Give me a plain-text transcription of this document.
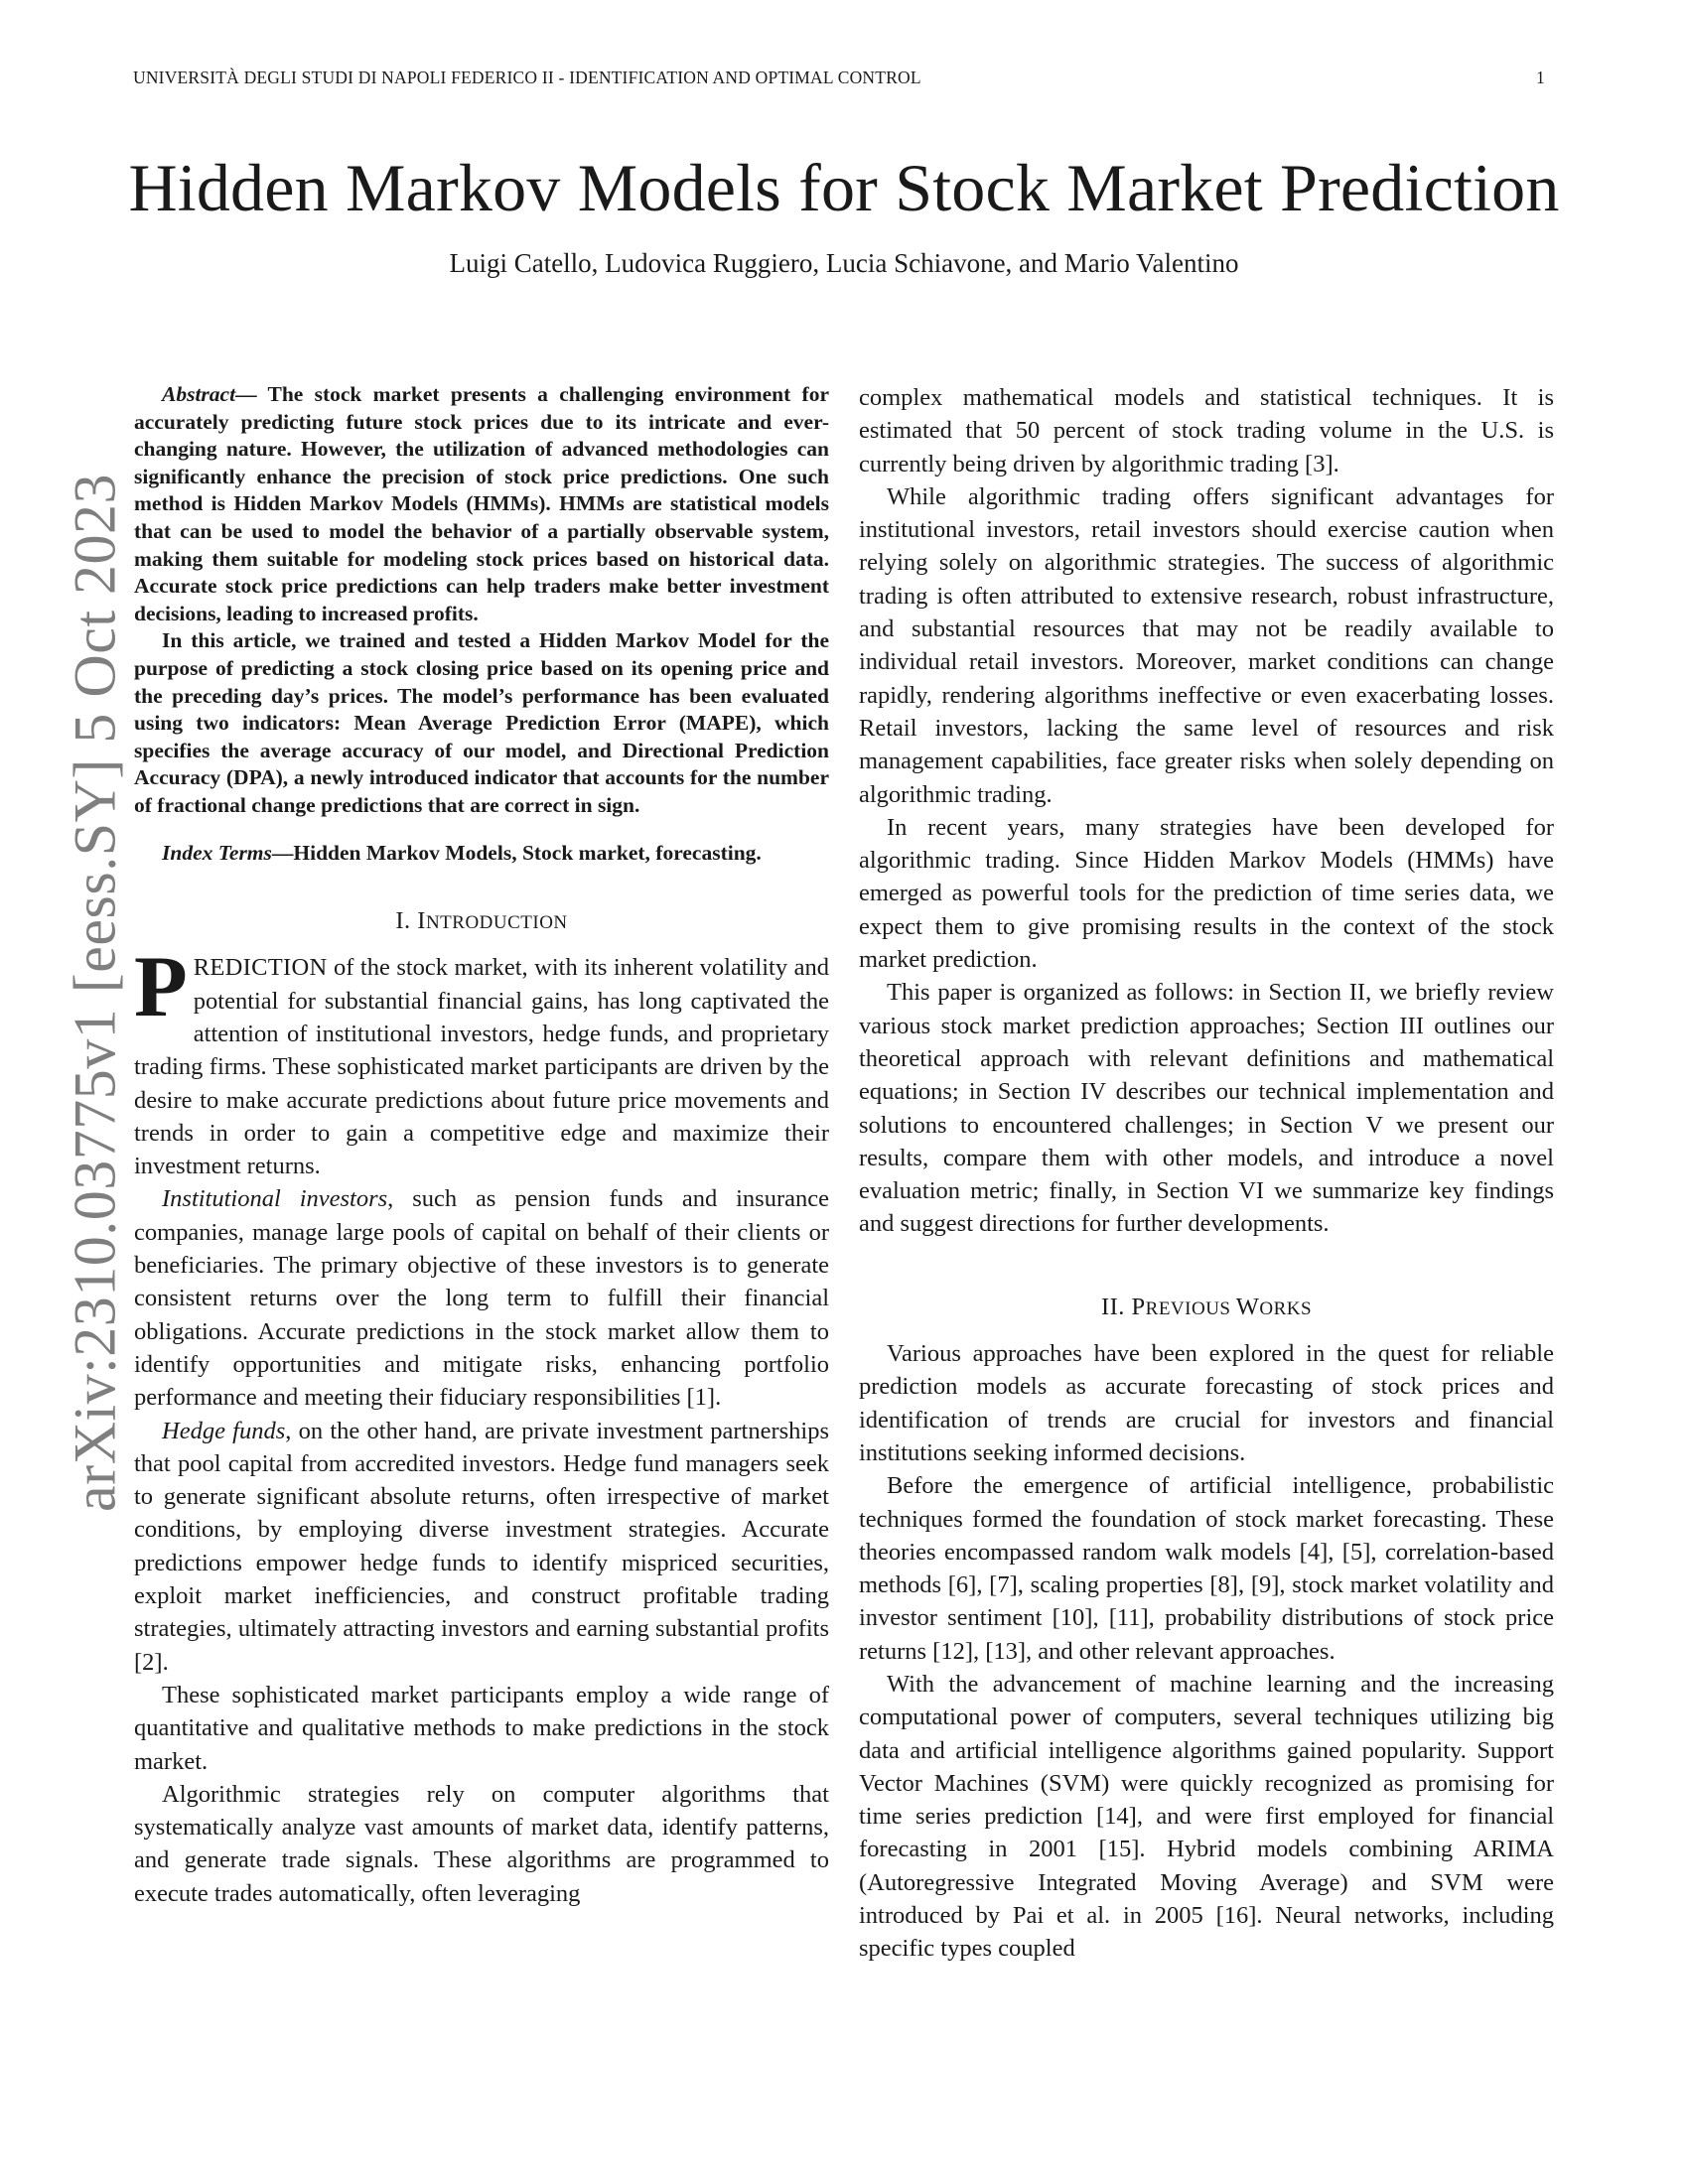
UNIVERSITÀ DEGLI STUDI DI NAPOLI FEDERICO II - IDENTIFICATION AND OPTIMAL CONTROL	1
Hidden Markov Models for Stock Market Prediction
Luigi Catello, Ludovica Ruggiero, Lucia Schiavone, and Mario Valentino
arXiv:2310.03775v1 [eess.SY] 5 Oct 2023

Abstract— The stock market presents a challenging environment for accurately predicting future stock prices due to its intricate and ever-changing nature. However, the utilization of advanced methodologies can significantly enhance the precision of stock price predictions. One such method is Hidden Markov Models (HMMs). HMMs are statistical models that can be used to model the behavior of a partially observable system, making them suitable for modeling stock prices based on historical data. Accurate stock price predictions can help traders make better investment decisions, leading to increased profits.

In this article, we trained and tested a Hidden Markov Model for the purpose of predicting a stock closing price based on its opening price and the preceding day’s prices. The model’s performance has been evaluated using two indicators: Mean Average Prediction Error (MAPE), which specifies the average accuracy of our model, and Directional Prediction Accuracy (DPA), a newly introduced indicator that accounts for the number of fractional change predictions that are correct in sign.

Index Terms—Hidden Markov Models, Stock market, forecasting.

I. INTRODUCTION

PREDICTION of the stock market, with its inherent volatility and potential for substantial financial gains, has long captivated the attention of institutional investors, hedge funds, and proprietary trading firms. These sophisticated market participants are driven by the desire to make accurate predictions about future price movements and trends in order to gain a competitive edge and maximize their investment returns.

Institutional investors, such as pension funds and insurance companies, manage large pools of capital on behalf of their clients or beneficiaries. The primary objective of these investors is to generate consistent returns over the long term to fulfill their financial obligations. Accurate predictions in the stock market allow them to identify opportunities and mitigate risks, enhancing portfolio performance and meeting their fiduciary responsibilities [1].

Hedge funds, on the other hand, are private investment partnerships that pool capital from accredited investors. Hedge fund managers seek to generate significant absolute returns, often irrespective of market conditions, by employing diverse investment strategies. Accurate predictions empower hedge funds to identify mispriced securities, exploit market inefficiencies, and construct profitable trading strategies, ultimately attracting investors and earning substantial profits [2].

These sophisticated market participants employ a wide range of quantitative and qualitative methods to make predictions in the stock market.

Algorithmic strategies rely on computer algorithms that systematically analyze vast amounts of market data, identify patterns, and generate trade signals. These algorithms are programmed to execute trades automatically, often leveraging

complex mathematical models and statistical techniques. It is estimated that 50 percent of stock trading volume in the U.S. is currently being driven by algorithmic trading [3].

While algorithmic trading offers significant advantages for institutional investors, retail investors should exercise caution when relying solely on algorithmic strategies. The success of algorithmic trading is often attributed to extensive research, robust infrastructure, and substantial resources that may not be readily available to individual retail investors. Moreover, market conditions can change rapidly, rendering algorithms ineffective or even exacerbating losses. Retail investors, lacking the same level of resources and risk management capabilities, face greater risks when solely depending on algorithmic trading.

In recent years, many strategies have been developed for algorithmic trading. Since Hidden Markov Models (HMMs) have emerged as powerful tools for the prediction of time series data, we expect them to give promising results in the context of the stock market prediction.

This paper is organized as follows: in Section II, we briefly review various stock market prediction approaches; Section III outlines our theoretical approach with relevant definitions and mathematical equations; in Section IV describes our technical implementation and solutions to encountered challenges; in Section V we present our results, compare them with other models, and introduce a novel evaluation metric; finally, in Section VI we summarize key findings and suggest directions for further developments.

II. PREVIOUS WORKS

Various approaches have been explored in the quest for reliable prediction models as accurate forecasting of stock prices and identification of trends are crucial for investors and financial institutions seeking informed decisions.

Before the emergence of artificial intelligence, probabilistic techniques formed the foundation of stock market forecasting. These theories encompassed random walk models [4], [5], correlation-based methods [6], [7], scaling properties [8], [9], stock market volatility and investor sentiment [10], [11], probability distributions of stock price returns [12], [13], and other relevant approaches.

With the advancement of machine learning and the increasing computational power of computers, several techniques utilizing big data and artificial intelligence algorithms gained popularity. Support Vector Machines (SVM) were quickly recognized as promising for time series prediction [14], and were first employed for financial forecasting in 2001 [15]. Hybrid models combining ARIMA (Autoregressive Integrated Moving Average) and SVM were introduced by Pai et al. in 2005 [16]. Neural networks, including specific types coupled
